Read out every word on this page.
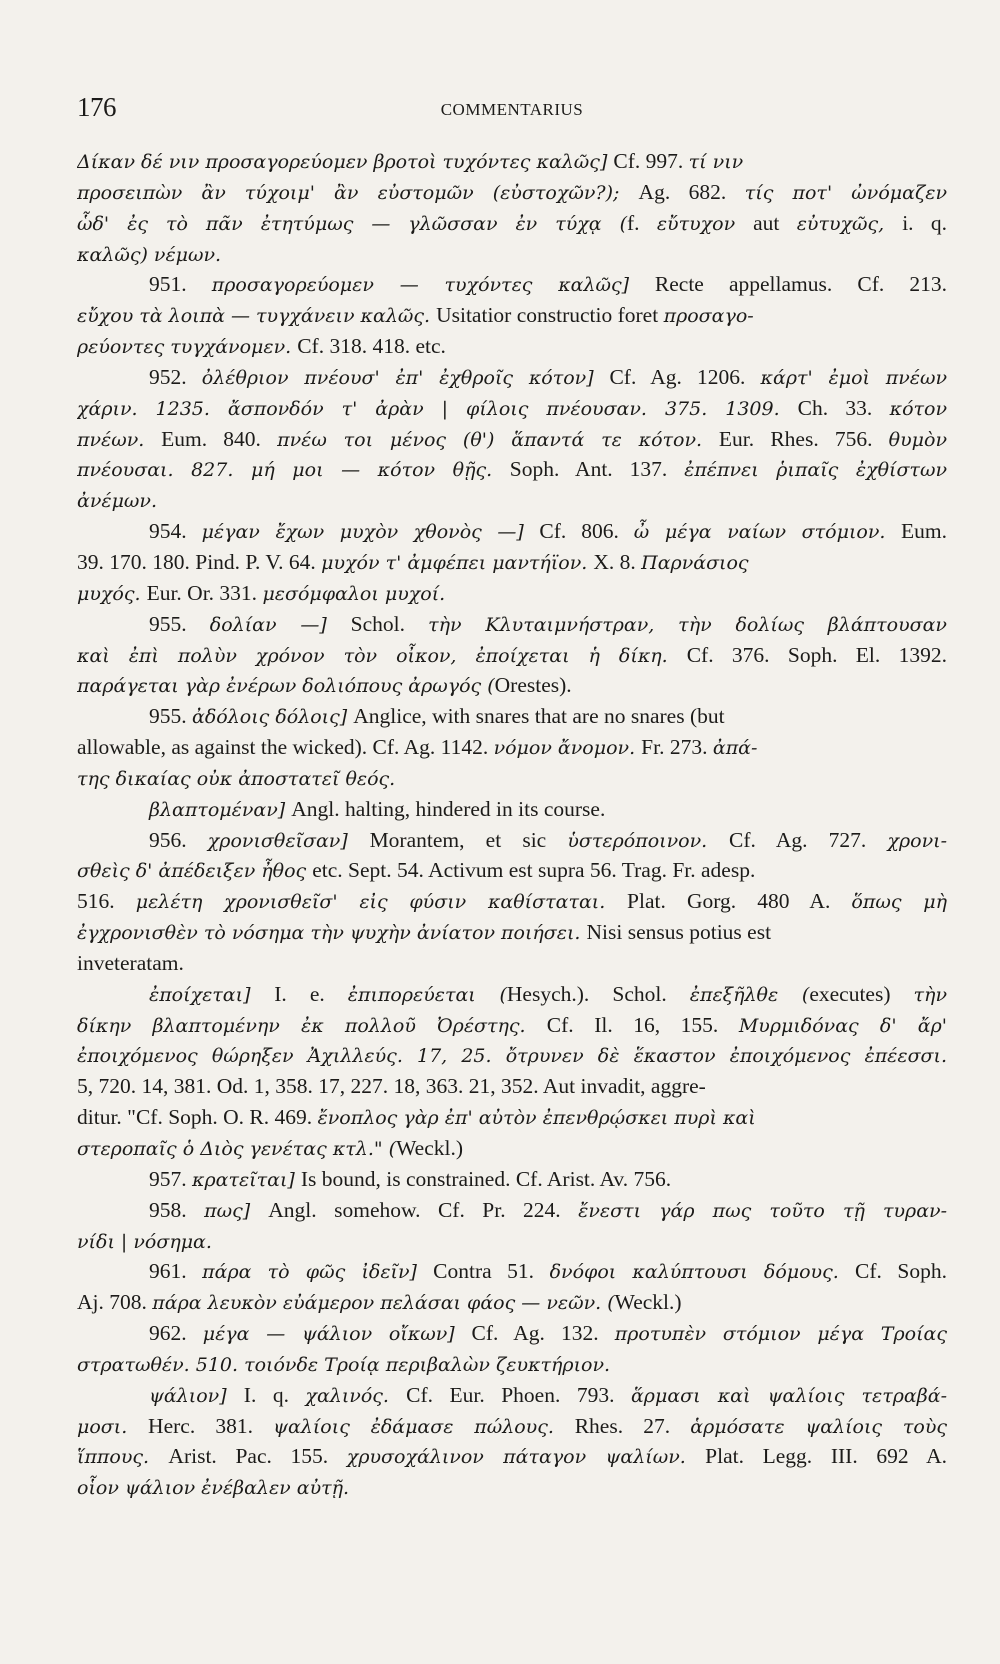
176	COMMENTARIUS
Δίκαν δέ νιν προσαγορεύομεν βροτοὶ τυχόντες καλῶς] Cf. 997. τί νιν
προσειπὼν ἂν τύχοιμ' ἂν εὐστομῶν (εὐστοχῶν?); Ag. 682. τίς ποτ' ὠνόμαζεν
ὧδ' ἐς τὸ πᾶν ἐτητύμως — γλῶσσαν ἐν τύχᾳ (f. εὔτυχον aut εὐτυχῶς, i. q.
καλῶς) νέμων.
951. προσαγορεύομεν — τυχόντες καλῶς] Recte appellamus. Cf. 213.
εὔχου τὰ λοιπὰ — τυγχάνειν καλῶς. Usitatior constructio foret προσαγο-
ρεύοντες τυγχάνομεν. Cf. 318. 418. etc.
952. ὀλέθριον πνέουσ' ἐπ' ἐχθροῖς κότον] Cf. Ag. 1206. κάρτ' ἐμοὶ πνέων
χάριν. 1235. ἄσπονδόν τ' ἀρὰν | φίλοις πνέουσαν. 375. 1309. Ch. 33. κότον
πνέων. Eum. 840. πνέω τοι μένος (θ') ἅπαντά τε κότον. Eur. Rhes. 756. θυμὸν
πνέουσαι. 827. μή μοι — κότον θῇς. Soph. Ant. 137. ἐπέπνει ῥιπαῖς ἐχθίστων
ἀνέμων.
954. μέγαν ἔχων μυχὸν χθονὸς —] Cf. 806. ὦ μέγα ναίων στόμιον. Eum.
39. 170. 180. Pind. P. V. 64. μυχόν τ' ἀμφέπει μαντήϊον. X. 8. Παρνάσιος
μυχός. Eur. Or. 331. μεσόμφαλοι μυχοί.
955. δολίαν —] Schol. τὴν Κλυταιμνήστραν, τὴν δολίως βλάπτουσαν
καὶ ἐπὶ πολὺν χρόνον τὸν οἶκον, ἐποίχεται ἡ δίκη. Cf. 376. Soph. El. 1392.
παράγεται γὰρ ἐνέρων δολιόπους ἀρωγός (Orestes).
955. ἀδόλοις δόλοις] Anglice, with snares that are no snares (but
allowable, as against the wicked). Cf. Ag. 1142. νόμον ἄνομον. Fr. 273. ἀπά-
της δικαίας οὐκ ἀποστατεῖ θεός.
βλαπτομέναν] Angl. halting, hindered in its course.
956. χρονισθεῖσαν] Morantem, et sic ὑστερόποινον. Cf. Ag. 727. χρονι-
σθεὶς δ' ἀπέδειξεν ἦθος etc. Sept. 54. Activum est supra 56. Trag. Fr. adesp.
516. μελέτη χρονισθεῖσ' εἰς φύσιν καθίσταται. Plat. Gorg. 480 A. ὅπως μὴ
ἐγχρονισθὲν τὸ νόσημα τὴν ψυχὴν ἀνίατον ποιήσει. Nisi sensus potius est
inveteratam.
ἐποίχεται] I. e. ἐπιπορεύεται (Hesych.). Schol. ἐπεξῆλθε (executes) τὴν
δίκην βλαπτομένην ἐκ πολλοῦ Ὀρέστης. Cf. Il. 16, 155. Μυρμιδόνας δ' ἄρ'
ἐποιχόμενος θώρηξεν Ἀχιλλεύς. 17, 25. ὄτρυνεν δὲ ἕκαστον ἐποιχόμενος ἐπέεσσι.
5, 720. 14, 381. Od. 1, 358. 17, 227. 18, 363. 21, 352. Aut invadit, aggre-
ditur. "Cf. Soph. O. R. 469. ἔνοπλος γὰρ ἐπ' αὐτὸν ἐπενθρῴσκει πυρὶ καὶ
στεροπαῖς ὁ Διὸς γενέτας κτλ." (Weckl.)
957. κρατεῖται] Is bound, is constrained. Cf. Arist. Av. 756.
958. πως] Angl. somehow. Cf. Pr. 224. ἔνεστι γάρ πως τοῦτο τῇ τυραν-
νίδι | νόσημα.
961. πάρα τὸ φῶς ἰδεῖν] Contra 51. δνόφοι καλύπτουσι δόμους. Cf. Soph.
Aj. 708. πάρα λευκὸν εὐάμερον πελάσαι φάος — νεῶν. (Weckl.)
962. μέγα — ψάλιον οἴκων] Cf. Ag. 132. προτυπὲν στόμιον μέγα Τροίας
στρατωθέν. 510. τοιόνδε Τροίᾳ περιβαλὼν ζευκτήριον.
ψάλιον] I. q. χαλινός. Cf. Eur. Phoen. 793. ἅρμασι καὶ ψαλίοις τετραβά-
μοσι. Herc. 381. ψαλίοις ἐδάμασε πώλους. Rhes. 27. ἁρμόσατε ψαλίοις τοὺς
ἵππους. Arist. Pac. 155. χρυσοχάλινον πάταγον ψαλίων. Plat. Legg. III. 692 A.
οἷον ψάλιον ἐνέβαλεν αὐτῇ.
